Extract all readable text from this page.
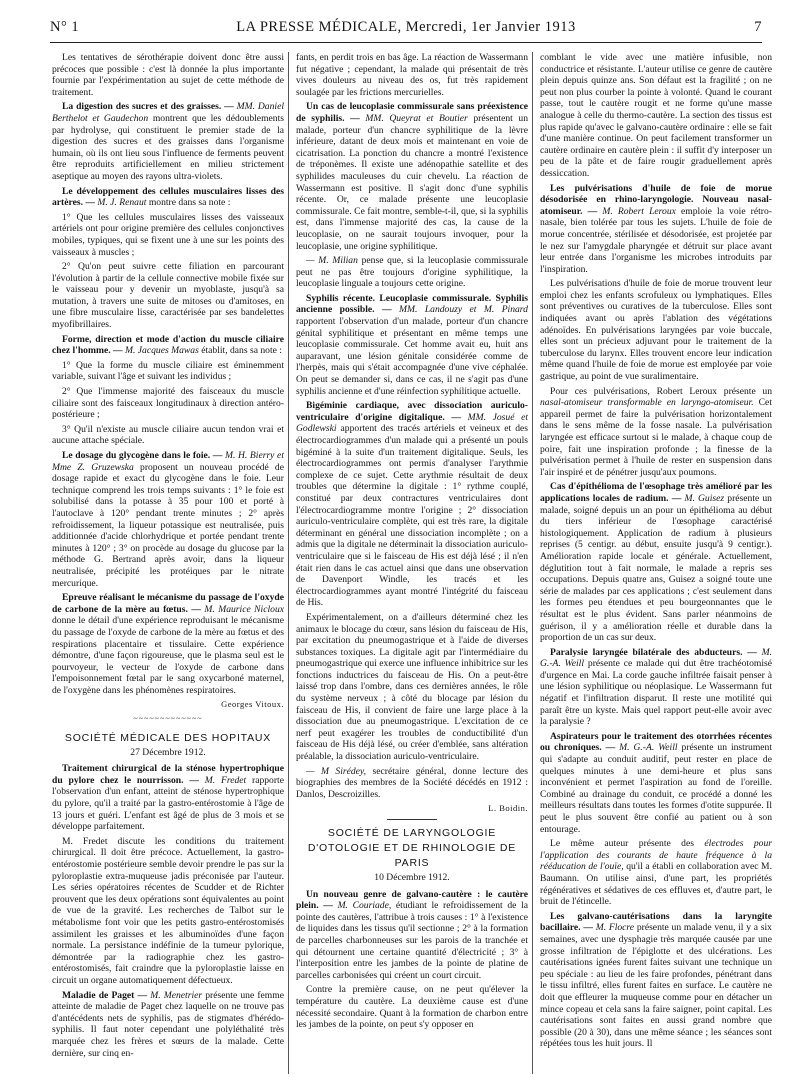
N° 1	LA PRESSE MÉDICALE, Mercredi, 1er Janvier 1913	7

Les tentatives de sérothérapie doivent donc être aussi précoces que possible : c'est là donnée la plus importante fournie par l'expérimentation au sujet de cette méthode de traitement.

La digestion des sucres et des graisses. — MM. Daniel Berthelot et Gaudechon montrent que les dédoublements par hydrolyse, qui constituent le premier stade de la digestion des sucres et des graisses dans l'organisme humain, où ils ont lieu sous l'influence de ferments peuvent être reproduits artificiellement en milieu strictement aseptique au moyen des rayons ultra-violets.

Le développement des cellules musculaires lisses des artères. — M. J. Renaut montre dans sa note :

1° Que les cellules musculaires lisses des vaisseaux artériels ont pour origine première des cellules conjonctives mobiles, typiques, qui se fixent une à une sur les points des vaisseaux à muscles ;

2° Qu'on peut suivre cette filiation en parcourant l'évolution à partir de la cellule connective mobile fixée sur le vaisseau pour y devenir un myoblaste, jusqu'à sa mutation, à travers une suite de mitoses ou d'amitoses, en une fibre musculaire lisse, caractérisée par ses bandelettes myofibrillaires.

Forme, direction et mode d'action du muscle ciliaire chez l'homme. — M. Jacques Mawas établit, dans sa note :

1° Que la forme du muscle ciliaire est éminemment variable, suivant l'âge et suivant les individus ;

2° Que l'immense majorité des faisceaux du muscle ciliaire sont des faisceaux longitudinaux à direction antéro-postérieure ;

3° Qu'il n'existe au muscle ciliaire aucun tendon vrai et aucune attache spéciale.

Le dosage du glycogène dans le foie. — M. H. Bierry et Mme Z. Gruzewska proposent un nouveau procédé de dosage rapide et exact du glycogène dans le foie. Leur technique comprend les trois temps suivants : 1° le foie est solubilisé dans la potasse à 35 pour 100 et porté à l'autoclave à 120° pendant trente minutes ; 2° après refroidissement, la liqueur potassique est neutralisée, puis additionnée d'acide chlorhydrique et portée pendant trente minutes à 120° ; 3° on procède au dosage du glucose par la méthode G. Bertrand après avoir, dans la liqueur neutralisée, précipité les protéiques par le nitrate mercurique.

Epreuve réalisant le mécanisme du passage de l'oxyde de carbone de la mère au fœtus. — M. Maurice Nicloux donne le détail d'une expérience reproduisant le mécanisme du passage de l'oxyde de carbone de la mère au fœtus et des respirations placentaire et tissulaire. Cette expérience démontre, d'une façon rigoureuse, que le plasma seul est le pourvoyeur, le vecteur de l'oxyde de carbone dans l'empoisonnement fœtal par le sang oxycarboné maternel, de l'oxygène dans les phénomènes respiratoires.

Georges Vitoux.

~~~~~~~~~~~~~
SOCIÉTÉ MÉDICALE DES HOPITAUX
27 Décembre 1912.

Traitement chirurgical de la sténose hypertrophique du pylore chez le nourrisson. — M. Fredet rapporte l'observation d'un enfant, atteint de sténose hypertrophique du pylore, qu'il a traité par la gastro-entérostomie à l'âge de 13 jours et guéri. L'enfant est âgé de plus de 3 mois et se développe parfaitement.

M. Fredet discute les conditions du traitement chirurgical. Il doit être précoce. Actuellement, la gastro-entérostomie postérieure semble devoir prendre le pas sur la pyloroplastie extra-muqueuse jadis préconisée par l'auteur. Les séries opératoires récentes de Scudder et de Richter prouvent que les deux opérations sont équivalentes au point de vue de la gravité. Les recherches de Talbot sur le métabolisme font voir que les petits gastro-entérostomisés assimilent les graisses et les albuminoïdes d'une façon normale. La persistance indéfinie de la tumeur pylorique, démontrée par la radiographie chez les gastro-entérostomisés, fait craindre que la pyloroplastie laisse en circuit un organe automatiquement défectueux.

Maladie de Paget — M. Menetrier présente une femme atteinte de maladie de Paget chez laquelle on ne trouve pas d'antécédents nets de syphilis, pas de stigmates d'hérédo-syphilis. Il faut noter cependant une polyléthalité très marquée chez les frères et sœurs de la malade. Cette dernière, sur cinq en-

fants, en perdit trois en bas âge. La réaction de Wassermann fut négative ; cependant, la malade qui présentait de très vives douleurs au niveau des os, fut très rapidement soulagée par les frictions mercurielles.

Un cas de leucoplasie commissurale sans préexistence de syphilis. — MM. Queyrat et Boutier présentent un malade, porteur d'un chancre syphilitique de la lèvre inférieure, datant de deux mois et maintenant en voie de cicatrisation. La ponction du chancre a montré l'existence de tréponèmes. Il existe une adénopathie satellite et des syphilides maculeuses du cuir chevelu. La réaction de Wassermann est positive. Il s'agit donc d'une syphilis récente. Or, ce malade présente une leucoplasie commissurale. Ce fait montre, semble-t-il, que, si la syphilis est, dans l'immense majorité des cas, la cause de la leucoplasie, on ne saurait toujours invoquer, pour la leucoplasie, une origine syphilitique.

— M. Milian pense que, si la leucoplasie commissurale peut ne pas être toujours d'origine syphilitique, la leucoplasie linguale a toujours cette origine.

Syphilis récente. Leucoplasie commissurale. Syphilis ancienne possible. — MM. Landouzy et M. Pinard rapportent l'observation d'un malade, porteur d'un chancre génital syphilitique et présentant en même temps une leucoplasie commissurale. Cet homme avait eu, huit ans auparavant, une lésion génitale considérée comme de l'herpès, mais qui s'était accompagnée d'une vive céphalée. On peut se demander si, dans ce cas, il ne s'agit pas d'une syphilis ancienne et d'une réinfection syphilitique actuelle.

Bigéminie cardiaque, avec dissociation auriculo-ventriculaire d'origine digitalique. — MM. Josué et Godlewski apportent des tracés artériels et veineux et des électrocardiogrammes d'un malade qui a présenté un pouls bigéminé à la suite d'un traitement digitalique. Seuls, les électrocardiogrammes ont permis d'analyser l'arythmie complexe de ce sujet. Cette arythmie résultait de deux troubles que détermine la digitale : 1° rythme couplé, constitué par deux contractures ventriculaires dont l'électrocardiogramme montre l'origine ; 2° dissociation auriculo-ventriculaire complète, qui est très rare, la digitale déterminant en général une dissociation incomplète ; on a admis que la digitale ne déterminait la dissociation auriculo-ventriculaire que si le faisceau de His est déjà lésé ; il n'en était rien dans le cas actuel ainsi que dans une observation de Davenport Windle, les tracés et les électrocardiogrammes ayant montré l'intégrité du faisceau de His.

Expérimentalement, on a d'ailleurs déterminé chez les animaux le blocage du cœur, sans lésion du faisceau de His, par excitation du pneumogastrique et à l'aide de diverses substances toxiques. La digitale agit par l'intermédiaire du pneumogastrique qui exerce une influence inhibitrice sur les fonctions inductrices du faisceau de His. On a peut-être laissé trop dans l'ombre, dans ces dernières années, le rôle du système nerveux ; à côté du blocage par lésion du faisceau de His, il convient de faire une large place à la dissociation due au pneumogastrique. L'excitation de ce nerf peut exagérer les troubles de conductibilité d'un faisceau de His déjà lésé, ou créer d'emblée, sans altération préalable, la dissociation auriculo-ventriculaire.

— M Sirédey, secrétaire général, donne lecture des biographies des membres de la Société décédés en 1912 : Danlos, Descroizilles.

L. Boidin.

SOCIÉTÉ DE LARYNGOLOGIE
D'OTOLOGIE ET DE RHINOLOGIE DE PARIS
10 Décembre 1912.

Un nouveau genre de galvano-cautère : le cautère plein. — M. Couriade, étudiant le refroidissement de la pointe des cautères, l'attribue à trois causes : 1° à l'existence de liquides dans les tissus qu'il sectionne ; 2° à la formation de parcelles charbonneuses sur les parois de la tranchée et qui détournent une certaine quantité d'électricité ; 3° à l'interposition entre les jambes de la pointe de platine de parcelles carbonisées qui créent un court circuit.

Contre la première cause, on ne peut qu'élever la température du cautère. La deuxième cause est d'une nécessité secondaire. Quant à la formation de charbon entre les jambes de la pointe, on peut s'y opposer en

comblant le vide avec une matière infusible, non conductrice et résistante. L'auteur utilise ce genre de cautère plein depuis quinze ans. Son défaut est la fragilité ; on ne peut non plus courber la pointe à volonté. Quand le courant passe, tout le cautère rougit et ne forme qu'une masse analogue à celle du thermo-cautère. La section des tissus est plus rapide qu'avec le galvano-cautère ordinaire : elle se fait d'une manière continue. On peut facilement transformer un cautère ordinaire en cautère plein : il suffit d'y interposer un peu de la pâte et de faire rougir graduellement après dessiccation.

Les pulvérisations d'huile de foie de morue désodorisée en rhino-laryngologie. Nouveau nasal-atomiseur. — M. Robert Leroux emploie la voie rétro-nasale, bien tolérée par tous les sujets. L'huile de foie de morue concentrée, stérilisée et désodorisée, est projetée par le nez sur l'amygdale pharyngée et détruit sur place avant leur entrée dans l'organisme les microbes introduits par l'inspiration.

Les pulvérisations d'huile de foie de morue trouvent leur emploi chez les enfants scrofuleux ou lymphatiques. Elles sont préventives ou curatives de la tuberculose. Elles sont indiquées avant ou après l'ablation des végétations adénoïdes. En pulvérisations laryngées par voie buccale, elles sont un précieux adjuvant pour le traitement de la tuberculose du larynx. Elles trouvent encore leur indication même quand l'huile de foie de morue est employée par voie gastrique, au point de vue suralimentaire.

Pour ces pulvérisations, Robert Leroux présente un nasal-atomiseur transformable en laryngo-atomiseur. Cet appareil permet de faire la pulvérisation horizontalement dans le sens même de la fosse nasale. La pulvérisation laryngée est efficace surtout si le malade, à chaque coup de poire, fait une inspiration profonde ; la finesse de la pulvérisation permet à l'huile de rester en suspension dans l'air inspiré et de pénétrer jusqu'aux poumons.

Cas d'épithélioma de l'œsophage très amélioré par les applications locales de radium. — M. Guisez présente un malade, soigné depuis un an pour un épithélioma au début du tiers inférieur de l'œsophage caractérisé histologiquement. Application de radium à plusieurs reprises (5 centigr. au début, ensuite jusqu'à 9 centigr.). Amélioration rapide locale et générale. Actuellement, déglutition tout à fait normale, le malade a repris ses occupations. Depuis quatre ans, Guisez a soigné toute une série de malades par ces applications ; c'est seulement dans les formes peu étendues et peu bourgeonnantes que le résultat est le plus évident. Sans parler néanmoins de guérison, il y a amélioration réelle et durable dans la proportion de un cas sur deux.

Paralysie laryngée bilatérale des abducteurs. — M. G.-A. Weill présente ce malade qui dut être trachéotomisé d'urgence en Mai. La corde gauche infiltrée faisait penser à une lésion syphilitique ou néoplasique. Le Wassermann fut négatif et l'infiltration disparut. Il reste une motilité qui paraît être un kyste. Mais quel rapport peut-elle avoir avec la paralysie ?

Aspirateurs pour le traitement des otorrhées récentes ou chroniques. — M. G.-A. Weill présente un instrument qui s'adapte au conduit auditif, peut rester en place de quelques minutes à une demi-heure et plus sans inconvénient et permet l'aspiration au fond de l'oreille. Combiné au drainage du conduit, ce procédé a donné les meilleurs résultats dans toutes les formes d'otite suppurée. Il peut le plus souvent être confié au patient ou à son entourage.

Le même auteur présente des électrodes pour l'application des courants de haute fréquence à la rééducation de l'ouïe, qu'il a établi en collaboration avec M. Baumann. On utilise ainsi, d'une part, les propriétés régénératives et sédatives de ces effluves et, d'autre part, le bruit de l'étincelle.

Les galvano-cautérisations dans la laryngite bacillaire. — M. Flocre présente un malade venu, il y a six semaines, avec une dysphagie très marquée causée par une grosse infiltration de l'épiglotte et des ulcérations. Les cautérisations ignées furent faites suivant une technique un peu spéciale : au lieu de les faire profondes, pénétrant dans le tissu infiltré, elles furent faites en surface. Le cautère ne doit que effleurer la muqueuse comme pour en détacher un mince copeau et cela sans la faire saigner, point capital. Les cautérisations sont faites en aussi grand nombre que possible (20 à 30), dans une même séance ; les séances sont répétées tous les huit jours. Il
